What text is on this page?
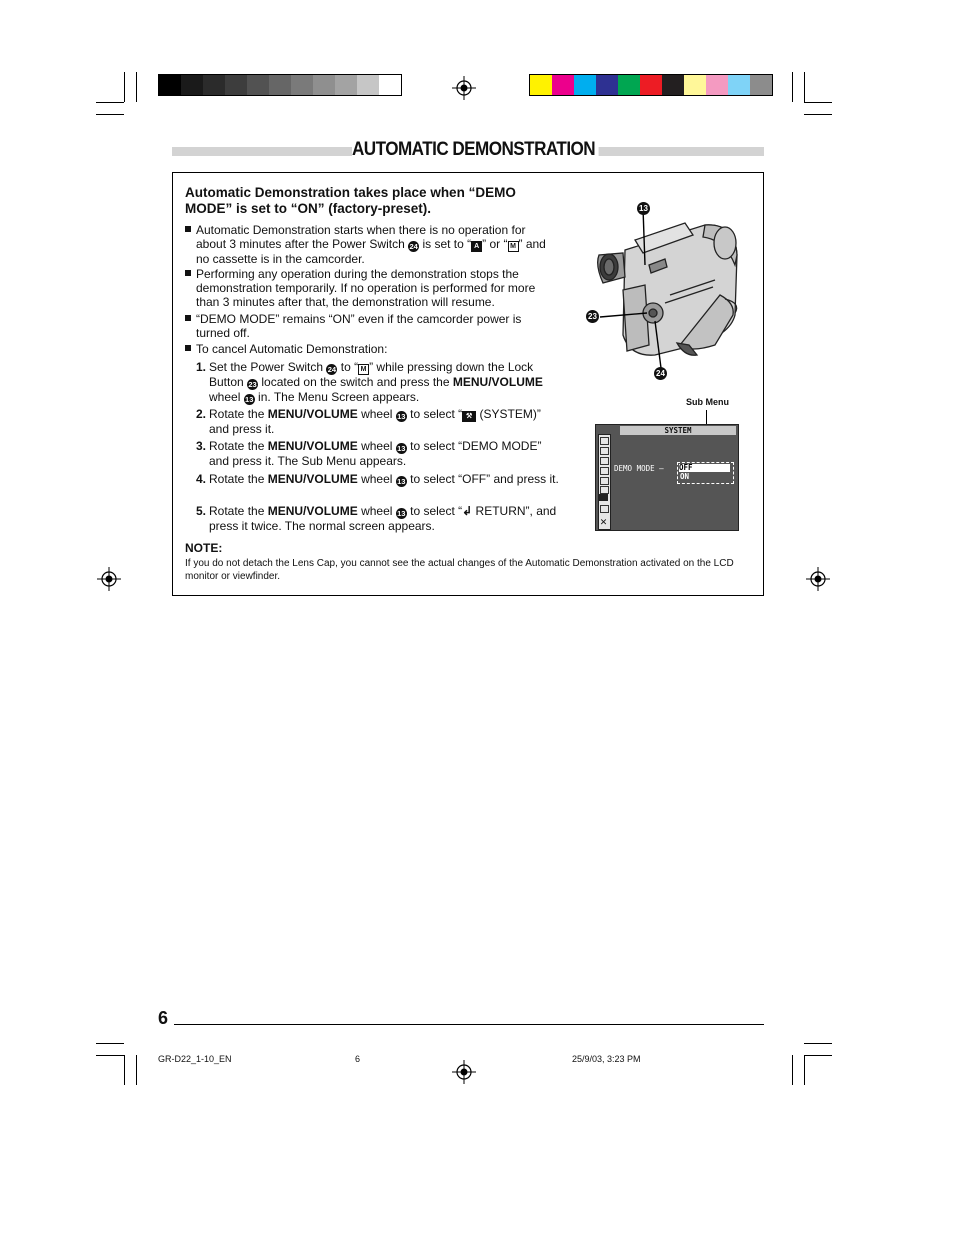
AUTOMATIC DEMONSTRATION
Automatic Demonstration takes place when “DEMO MODE” is set to “ON” (factory-preset).
Automatic Demonstration starts when there is no operation for about 3 minutes after the Power Switch 24 is set to “ A ” or “ M ” and no cassette is in the camcorder.
Performing any operation during the demonstration stops the demonstration temporarily. If no operation is performed for more than 3 minutes after that, the demonstration will resume.
“DEMO MODE” remains “ON” even if the camcorder power is turned off.
To cancel Automatic Demonstration:
1. Set the Power Switch 24 to “ M ” while pressing down the Lock Button 23 located on the switch and press the MENU/VOLUME wheel 13 in. The Menu Screen appears.
2. Rotate the MENU/VOLUME wheel 13 to select “ ⚒ (SYSTEM)” and press it.
3. Rotate the MENU/VOLUME wheel 13 to select “DEMO MODE” and press it. The Sub Menu appears.
4. Rotate the MENU/VOLUME wheel 13 to select “OFF” and press it.
5. Rotate the MENU/VOLUME wheel 13 to select “↲ RETURN”, and press it twice. The normal screen appears.
NOTE:
If you do not detach the Lens Cap, you cannot see the actual changes of the Automatic Demonstration activated on the LCD monitor or viewfinder.
13
23
24
Sub Menu
✕
SYSTEM
DEMO MODE – OFF
ON
6
GR-D22_1-10_EN	6	25/9/03, 3:23 PM
